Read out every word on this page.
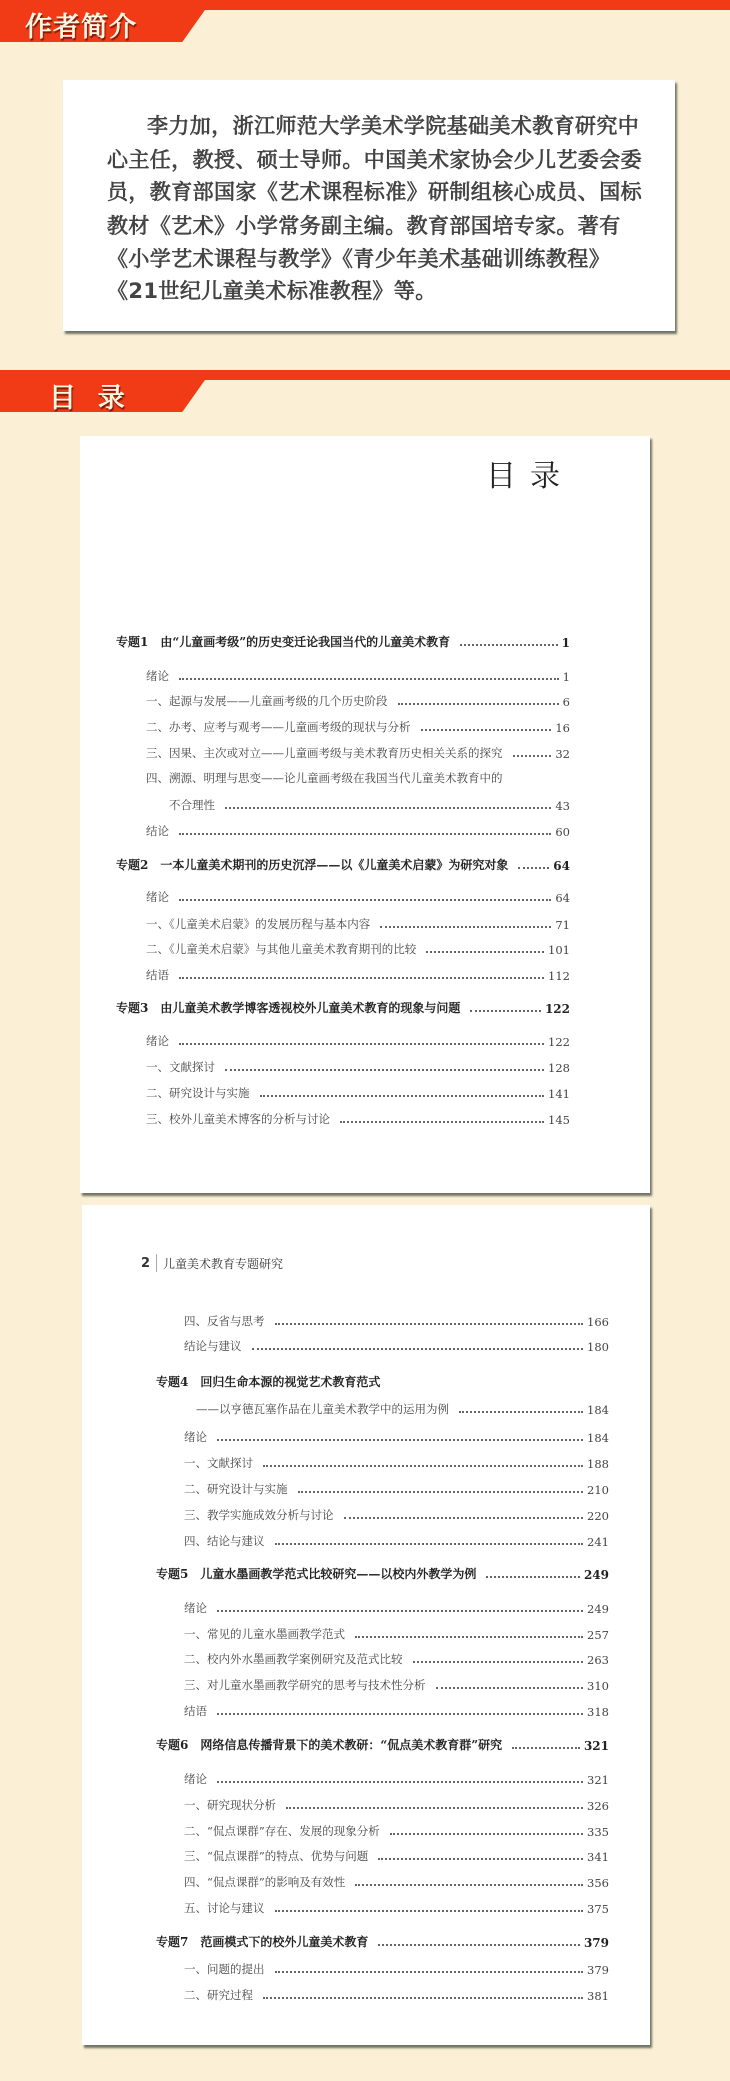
作者简介
李力加，浙江师范大学美术学院基础美术教育研究中
心主任，教授、硕士导师。中国美术家协会少儿艺委会委
员，教育部国家《艺术课程标准》研制组核心成员、国标
教材《艺术》小学常务副主编。教育部国培专家。著有
《小学艺术课程与教学》《青少年美术基础训练教程》
《21世纪儿童美术标准教程》等。
目  录
目录
2 儿童美术教育专题研究
专题1　由“儿童画考级”的历史变迁论我国当代的儿童美术教育	1
绪论	1
一、起源与发展——儿童画考级的几个历史阶段	6
二、办考、应考与观考——儿童画考级的现状与分析	16
三、因果、主次或对立——儿童画考级与美术教育历史相关关系的探究	32
四、溯源、明理与思变——论儿童画考级在我国当代儿童美术教育中的
不合理性	43
结论	60
专题2　一本儿童美术期刊的历史沉浮——以《儿童美术启蒙》为研究对象	64
绪论	64
一、《儿童美术启蒙》的发展历程与基本内容	71
二、《儿童美术启蒙》与其他儿童美术教育期刊的比较	101
结语	112
专题3　由儿童美术教学博客透视校外儿童美术教育的现象与问题	122
绪论	122
一、文献探讨	128
二、研究设计与实施	141
三、校外儿童美术博客的分析与讨论	145
四、反省与思考	166
结论与建议	180
专题4　回归生命本源的视觉艺术教育范式
——以亨德瓦塞作品在儿童美术教学中的运用为例	184
绪论	184
一、文献探讨	188
二、研究设计与实施	210
三、教学实施成效分析与讨论	220
四、结论与建议	241
专题5　儿童水墨画教学范式比较研究——以校内外教学为例	249
绪论	249
一、常见的儿童水墨画教学范式	257
二、校内外水墨画教学案例研究及范式比较	263
三、对儿童水墨画教学研究的思考与技术性分析	310
结语	318
专题6　网络信息传播背景下的美术教研：“侃点美术教育群”研究	321
绪论	321
一、研究现状分析	326
二、“侃点课群”存在、发展的现象分析	335
三、“侃点课群”的特点、优势与问题	341
四、“侃点课群”的影响及有效性	356
五、讨论与建议	375
专题7　范画模式下的校外儿童美术教育	379
一、问题的提出	379
二、研究过程	381
